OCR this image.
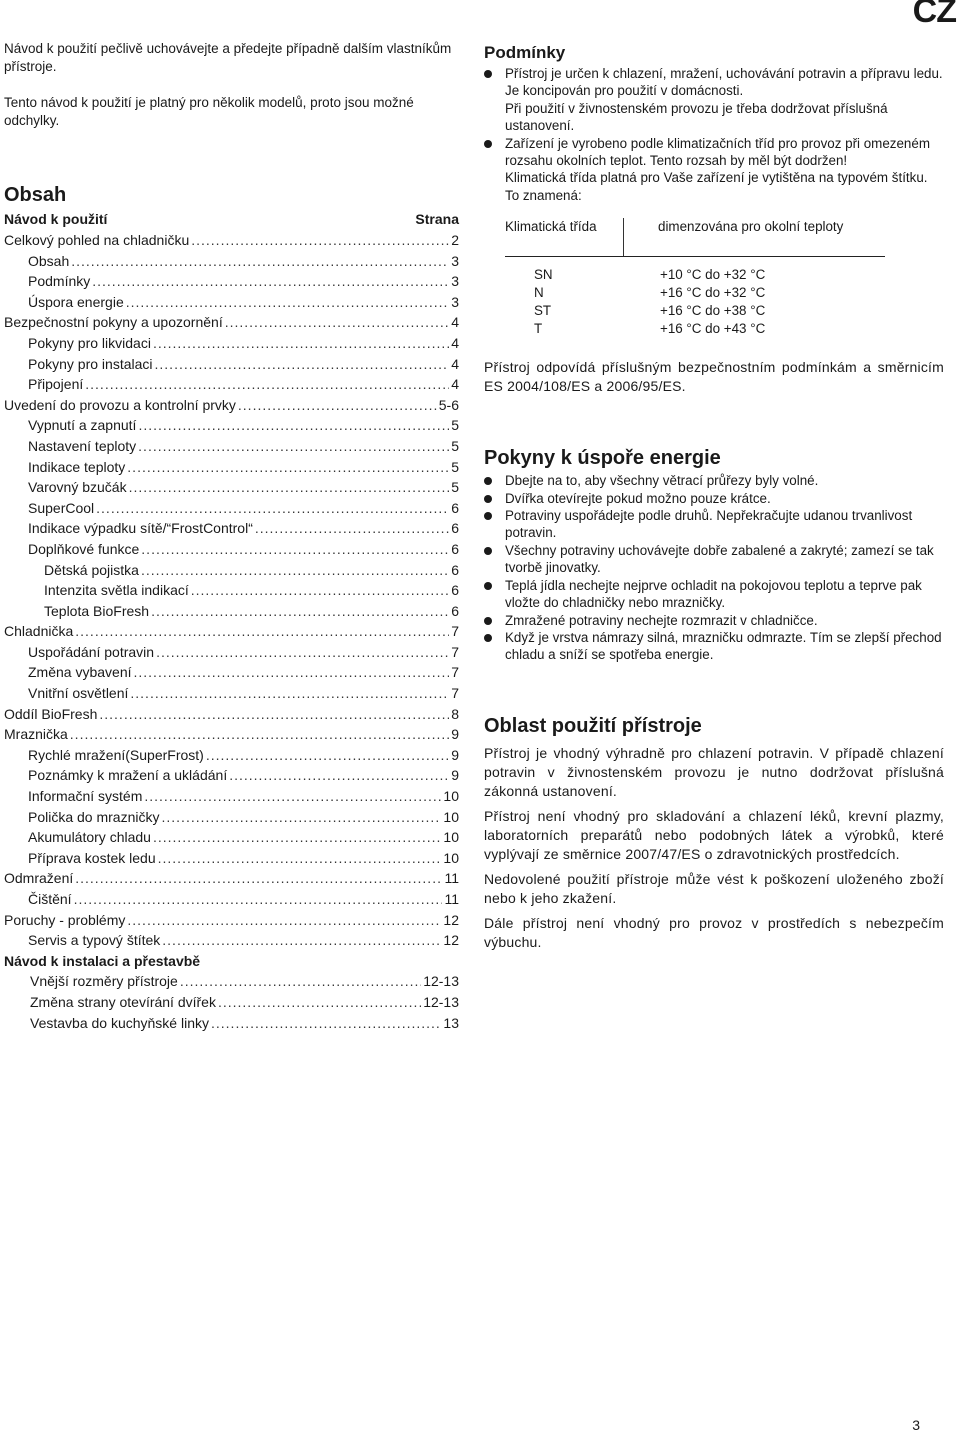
CZ

Návod k použití pečlivě uchovávejte a předejte případně dalším vlastníkům přístroje.

Tento návod k použití je platný pro několik modelů, proto jsou možné odchylky.

Obsah
Návod k použití	Strana
Celkový pohled na chladničku .....	2
Obsah .....	3
Podmínky .....	3
Úspora energie .....	3
Bezpečnostní pokyny a upozornění .....	4
Pokyny pro likvidaci .....	4
Pokyny pro instalaci .....	4
Připojení .....	4
Uvedení do provozu a kontrolní prvky .....	5-6
Vypnutí a zapnutí .....	5
Nastavení teploty .....	5
Indikace teploty .....	5
Varovný bzučák .....	5
SuperCool .....	6
Indikace výpadku sítě/“FrostControl“ .....	6
Doplňkové funkce .....	6
Dětská pojistka .....	6
Intenzita světla indikací .....	6
Teplota BioFresh .....	6
Chladnička .....	7
Uspořádání potravin .....	7
Změna vybavení .....	7
Vnitřní osvětlení .....	7
Oddíl BioFresh .....	8
Mraznička .....	9
Rychlé mražení(SuperFrost) .....	9
Poznámky k mražení a ukládání .....	9
Informační systém .....	10
Polička do mrazničky .....	10
Akumulátory chladu .....	10
Příprava kostek ledu .....	10
Odmražení .....	11
Čištění .....	11
Poruchy - problémy .....	12
Servis a typový štítek .....	12
Návod k instalaci a přestavbě
Vnější rozměry přístroje .....	12-13
Změna strany otevírání dvířek .....	12-13
Vestavba do kuchyňské linky .....	13
Podmínky
Přístroj je určen k chlazení, mražení, uchovávání potravin a přípravu ledu.
Je koncipován pro použití v domácnosti.
Při použití v živnostenském provozu je třeba dodržovat příslušná ustanovení.
Zařízení je vyrobeno podle klimatizačních tříd pro provoz při omezeném rozsahu okolních teplot. Tento rozsah by měl být dodržen!
Klimatická třída platná pro Vaše zařízení je vytištěna na typovém štítku. To znamená:
Klimatická třída	dimenzována pro okolní teploty
SN	+10 °C do +32 °C
N	+16 °C do +32 °C
ST	+16 °C do +38 °C
T	+16 °C do +43 °C

Přístroj odpovídá příslušným bezpečnostním podmínkám a směrnicím ES 2004/108/ES a 2006/95/ES.

Pokyny k úspoře energie
Dbejte na to, aby všechny větrací průřezy byly volné.
Dvířka otevírejte pokud možno pouze krátce.
Potraviny uspořádejte podle druhů. Nepřekračujte udanou trvanlivost potravin.
Všechny potraviny uchovávejte dobře zabalené a zakryté; zamezí se tak tvorbě jinovatky.
Teplá jídla nechejte nejprve ochladit na pokojovou teplotu a teprve pak vložte do chladničky nebo mrazničky.
Zmražené potraviny nechejte rozmrazit v chladničce.
Když je vrstva námrazy silná, mrazničku odmrazte. Tím se zlepší přechod chladu a sníží se spotřeba energie.
Oblast použití přístroje

Přístroj je vhodný výhradně pro chlazení potravin. V případě chlazení potravin v živnostenském provozu je nutno dodržovat příslušná zákonná ustanovení.

Přístroj není vhodný pro skladování a chlazení léků, krevní plazmy, laboratorních preparátů nebo podobných látek a výrobků, které vyplývají ze směrnice 2007/47/ES o zdravotnických prostředcích.

Nedovolené použití přístroje může vést k poškození uloženého zboží nebo k jeho zkažení.

Dále přístroj není vhodný pro provoz v prostředích s nebezpečím výbuchu.

3
